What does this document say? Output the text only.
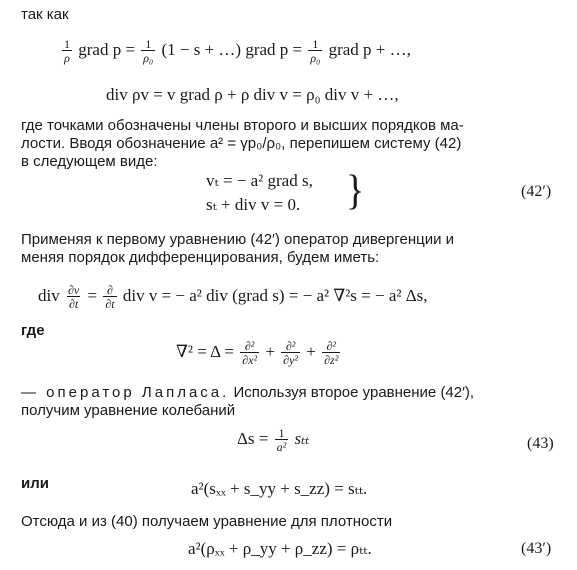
так как
$\frac{1}{\rho}$ grad $p = \frac{1}{\text{ρ₀}} (1 - s$ + …) grad $p = \frac{1}{\text{ρ₀}}$ grad p + …,
div ρv = v grad ρ + ρ div v = ρ₀ div v + …,
где точками обозначены члены второго и высших порядков ма-
лости. Вводя обозначение a² = γp₀/ρ₀, перепишем систему (42)
в следующем виде:
vₜ = − a² grad s,
sₜ + div v = 0. }	(42′)
Применяя к первому уравнению (42′) оператор дивергенции и
меняя порядок дифференцирования, будем иметь:
div $\frac{\partial v}{\partial t} = \frac{\partial}{\partial t}$ div v = − a² div (grad s) = − a² ∇²s = − a² Δs,
где
$\nabla^2 = \Delta = \frac{\text{∂²}}{\text{∂x²}} + \frac{\text{∂²}}{\text{∂y²}} + \frac{\text{∂²}}{\text{∂z²}}$
— оператор Лапласа. Используя второе уравнение (42′),
получим уравнение колебаний
$\Delta s = \frac{1}{\text{a²}}$ sₜₜ	(43)
или	a²(sₓₓ + s_yy + s_zz) = sₜₜ.
Отсюда и из (40) получаем уравнение для плотности
a²(ρₓₓ + ρ_yy + ρ_zz) = ρₜₜ.	(43′)
